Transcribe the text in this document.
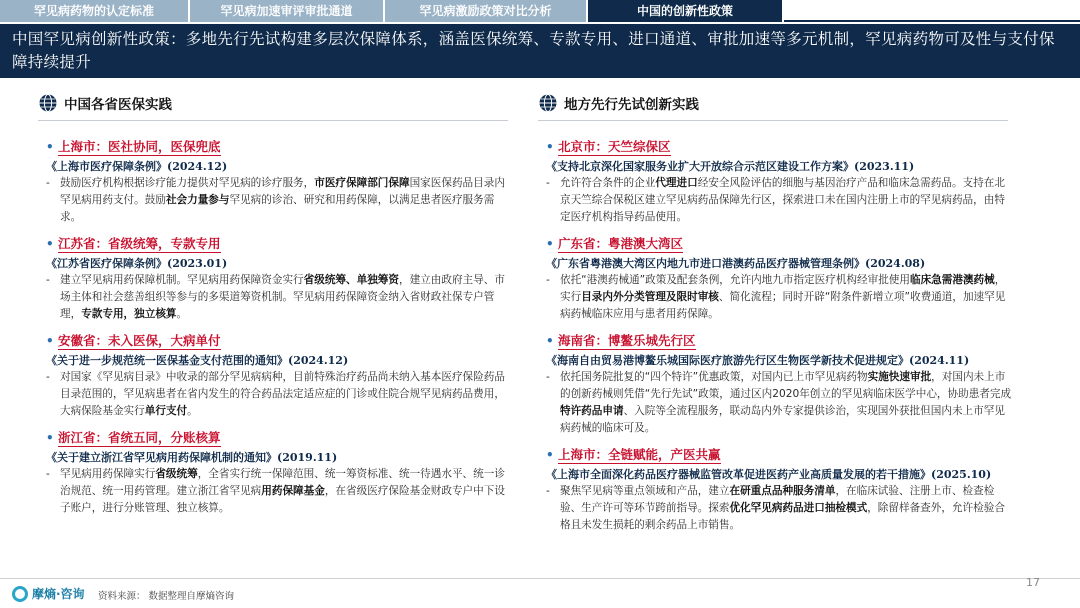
罕见病药物的认定标准	罕见病加速审评审批通道	罕见病激励政策对比分析	中国的创新性政策
中国罕见病创新性政策：多地先行先试构建多层次保障体系，涵盖医保统筹、专款专用、进口通道、审批加速等多元机制，罕见病药物可及性与支付保障持续提升
中国各省医保实践
• 上海市：医社协同，医保兜底
《上海市医疗保障条例》(2024.12)
- 鼓励医疗机构根据诊疗能力提供对罕见病的诊疗服务，市医疗保障部门保障国家医保药品目录内罕见病用药支付。鼓励社会力量参与罕见病的诊治、研究和用药保障，以满足患者医疗服务需求。
• 江苏省：省级统筹，专款专用
《江苏省医疗保障条例》(2023.01)
- 建立罕见病用药保障机制。罕见病用药保障资金实行省级统筹、单独筹资，建立由政府主导、市场主体和社会慈善组织等参与的多渠道筹资机制。罕见病用药保障资金纳入省财政社保专户管理，专款专用，独立核算。
• 安徽省：未入医保，大病单付
《关于进一步规范统一医保基金支付范围的通知》(2024.12)
- 对国家《罕见病目录》中收录的部分罕见病病种，目前特殊治疗药品尚未纳入基本医疗保险药品目录范围的，罕见病患者在省内发生的符合药品法定适应症的门诊或住院合规罕见病药品费用，大病保险基金实行单行支付。
• 浙江省：省统五同，分账核算
《关于建立浙江省罕见病用药保障机制的通知》(2019.11)
- 罕见病用药保障实行省级统筹，全省实行统一保障范围、统一筹资标准、统一待遇水平、统一诊治规范、统一用药管理。建立浙江省罕见病用药保障基金，在省级医疗保险基金财政专户中下设子账户，进行分账管理、独立核算。
地方先行先试创新实践
• 北京市：天竺综保区
《支持北京深化国家服务业扩大开放综合示范区建设工作方案》(2023.11)
- 允许符合条件的企业代理进口经安全风险评估的细胞与基因治疗产品和临床急需药品。支持在北京天竺综合保税区建立罕见病药品保障先行区，探索进口未在国内注册上市的罕见病药品，由特定医疗机构指导药品使用。
• 广东省：粤港澳大湾区
《广东省粤港澳大湾区内地九市进口港澳药品医疗器械管理条例》(2024.08)
- 依托“港澳药械通”政策及配套条例，允许内地九市指定医疗机构经审批使用临床急需港澳药械，实行目录内外分类管理及限时审核、简化流程；同时开辟“附条件新增立项”收费通道，加速罕见病药械临床应用与患者用药保障。
• 海南省：博鳌乐城先行区
《海南自由贸易港博鳌乐城国际医疗旅游先行区生物医学新技术促进规定》(2024.11)
- 依托国务院批复的“四个特许”优惠政策，对国内已上市罕见病药物实施快速审批，对国内未上市的创新药械则凭借“先行先试”政策，通过区内2020年创立的罕见病临床医学中心，协助患者完成特许药品申请、入院等全流程服务，联动岛内外专家提供诊治，实现国外获批但国内未上市罕见病药械的临床可及。
• 上海市：全链赋能，产医共赢
《上海市全面深化药品医疗器械监管改革促进医药产业高质量发展的若干措施》(2025.10)
- 聚焦罕见病等重点领域和产品，建立在研重点品种服务清单，在临床试验、注册上市、检查检验、生产许可等环节跨前指导。探索优化罕见病药品进口抽检模式，除留样备查外，允许检验合格且未发生损耗的剩余药品上市销售。
摩熵·咨询 资料来源： 数据整理自摩熵咨询
17
